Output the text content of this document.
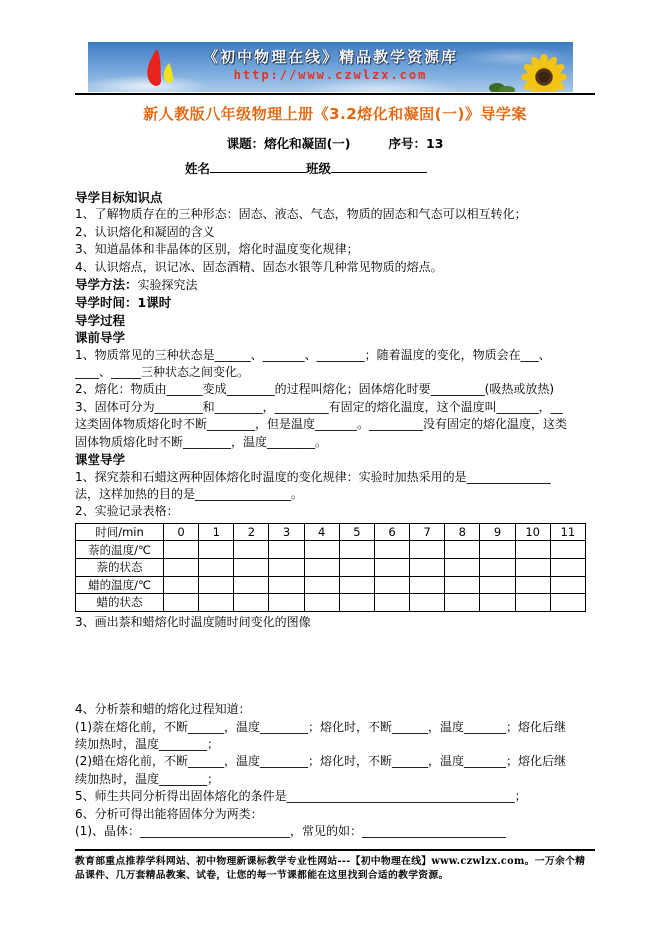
《初中物理在线》精品教学资源库
http://www.czwlzx.com
新人教版八年级物理上册《3.2熔化和凝固(一)》导学案
课题：熔化和凝固(一)	序号：13
姓名	班级
导学目标知识点
1、了解物质存在的三种形态：固态、液态、气态，物质的固态和气态可以相互转化；
2、认识熔化和凝固的含义
3、知道晶体和非晶体的区别，熔化时温度变化规律；
4、认识熔点，识记冰、固态酒精、固态水银等几种常见物质的熔点。
导学方法：实验探究法
导学时间：1课时
导学过程
课前导学
1、物质常见的三种状态是______、_______、________；随着温度的变化，物质会在___、
____、_____三种状态之间变化。
2、熔化：物质由______变成________的过程叫熔化；固体熔化时要_________(吸热或放热)
3、固体可分为________和________，_________有固定的熔化温度，这个温度叫_______，__
这类固体物质熔化时不断________，但是温度_______。_________没有固定的熔化温度，这类
固体物质熔化时不断________，温度________。
课堂导学
1、探究萘和石蜡这两种固体熔化时温度的变化规律：实验时加热采用的是______________
法，这样加热的目的是________________。
2、实验记录表格：
时间/min	0	1	2	3	4	5	6	7	8	9	10	11
萘的温度/℃												
萘的状态												
蜡的温度/℃												
蜡的状态												
3、画出萘和蜡熔化时温度随时间变化的图像
4、分析萘和蜡的熔化过程知道：
(1)萘在熔化前，不断______，温度________；熔化时，不断______，温度_______；熔化后继
续加热时，温度________；
(2)蜡在熔化前，不断______，温度________；熔化时，不断______，温度_______；熔化后继
续加热时，温度________；
5、师生共同分析得出固体熔化的条件是______________________________________；
6、分析可得出能将固体分为两类：
(1)、晶体：_________________________，常见的如：________________________
教育部重点推荐学科网站、初中物理新课标教学专业性网站---【初中物理在线】www.czwlzx.com。一万余个精品课件、几万套精品教案、试卷，让您的每一节课都能在这里找到合适的教学资源。
